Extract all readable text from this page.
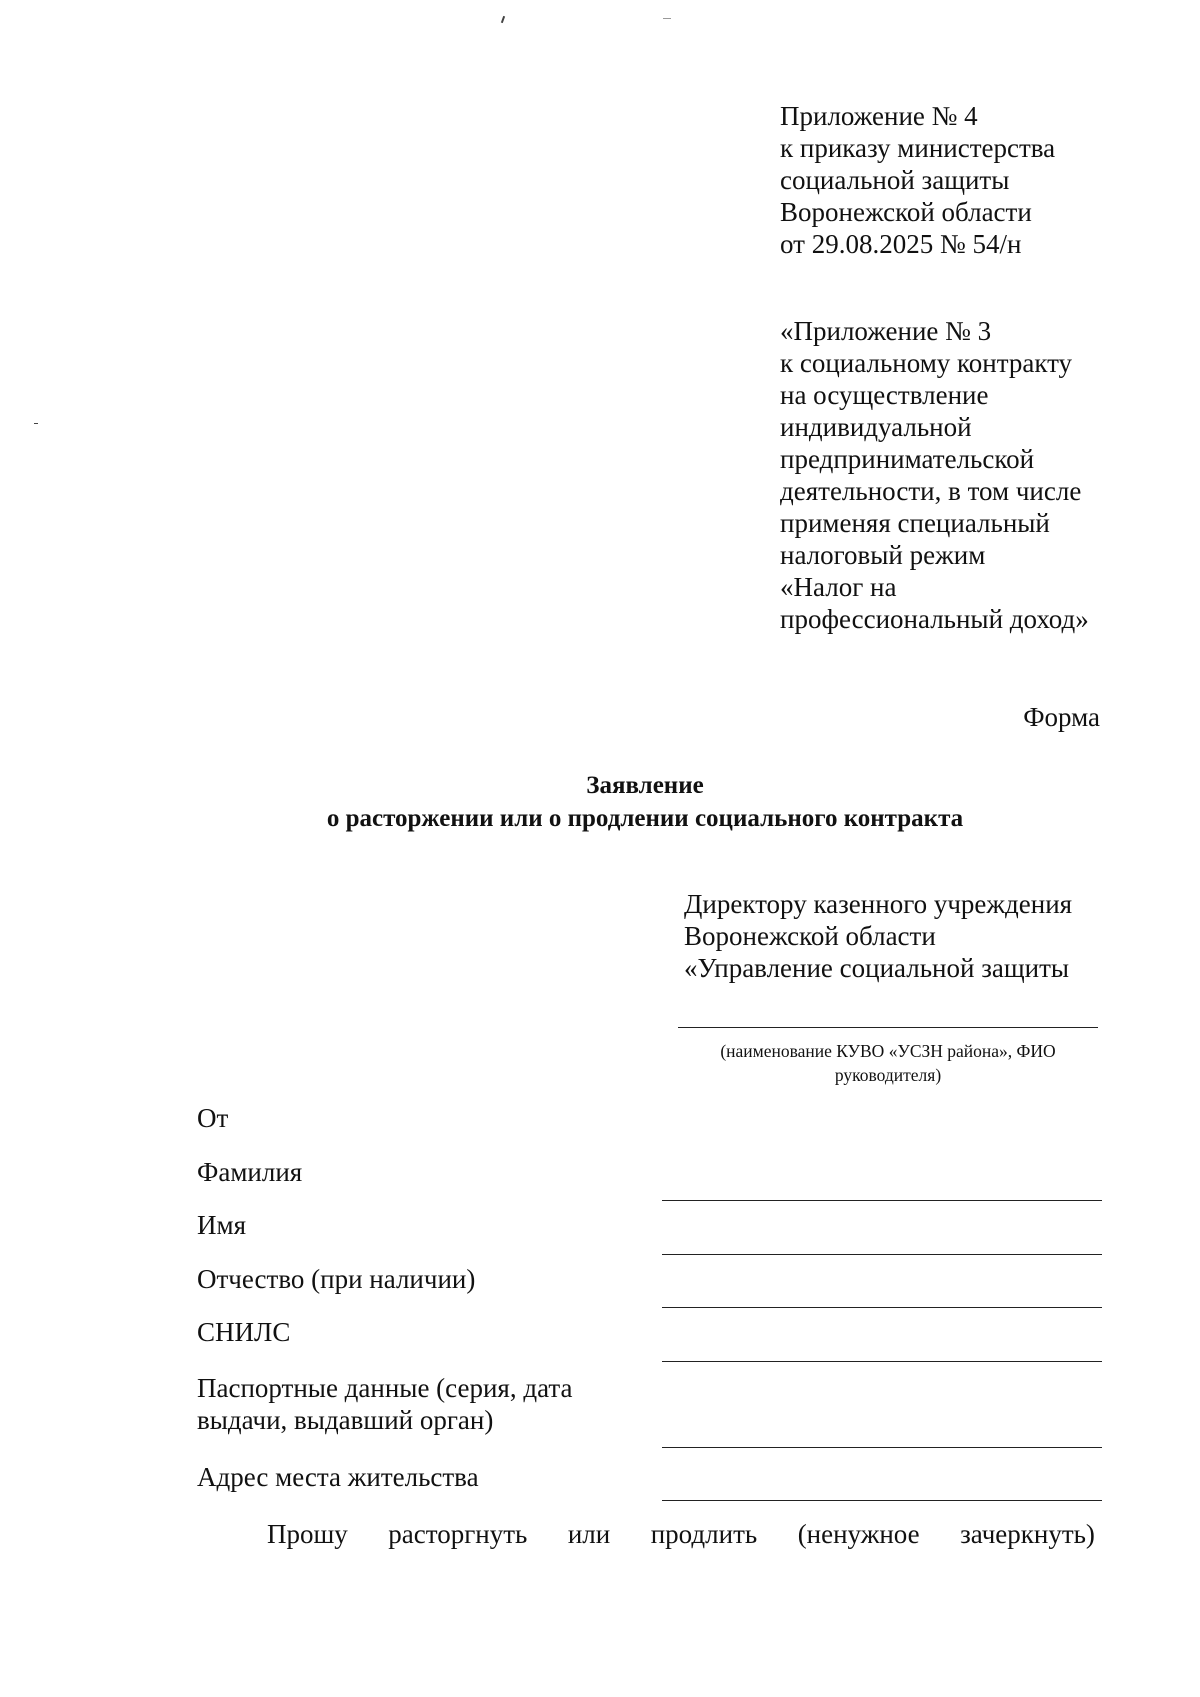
Приложение № 4
к приказу министерства
социальной защиты
Воронежской области
от 29.08.2025 № 54/н
«Приложение № 3
к социальному контракту
на осуществление
индивидуальной
предпринимательской
деятельности, в том числе
применяя специальный
налоговый режим
«Налог на
профессиональный доход»
Форма
Заявление
о расторжении или о продлении социального контракта
Директору казенного учреждения
Воронежской области
«Управление социальной защиты
(наименование КУВО «УСЗН района», ФИО
руководителя)
От
Фамилия
Имя
Отчество (при наличии)
СНИЛС
Паспортные данные (серия, дата
выдачи, выдавший орган)
Адрес места жительства
Прошу расторгнуть или продлить (ненужное зачеркнуть)
